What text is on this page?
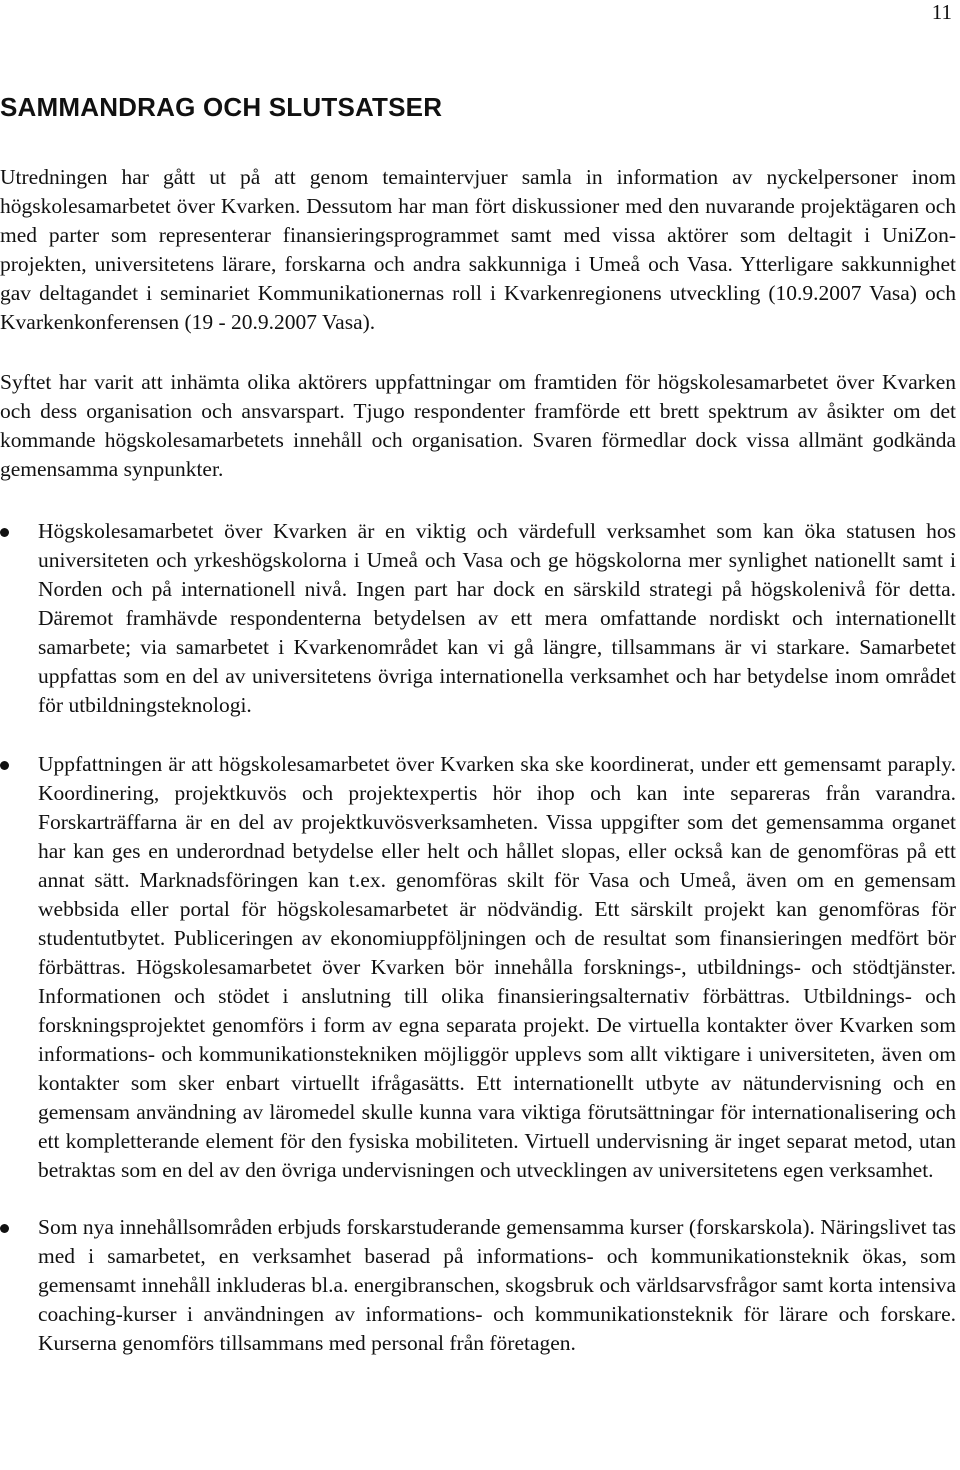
11
SAMMANDRAG OCH SLUTSATSER

Utredningen har gått ut på att genom temaintervjuer samla in information av nyckelpersoner inom högskolesamarbetet över Kvarken. Dessutom har man fört diskussioner med den nuvarande projektägaren och med parter som representerar finansieringsprogrammet samt med vissa aktörer som deltagit i UniZon-projekten, universitetens lärare, forskarna och andra sakkunniga i Umeå och Vasa. Ytterligare sakkunnighet gav deltagandet i seminariet Kommunikationernas roll i Kvarkenregionens utveckling (10.9.2007 Vasa) och Kvarkenkonferensen (19 - 20.9.2007 Vasa).

Syftet har varit att inhämta olika aktörers uppfattningar om framtiden för högskolesamarbetet över Kvarken och dess organisation och ansvarspart. Tjugo respondenter framförde ett brett spektrum av åsikter om det kommande högskolesamarbetets innehåll och organisation. Svaren förmedlar dock vissa allmänt godkända gemensamma synpunkter.

Högskolesamarbetet över Kvarken är en viktig och värdefull verksamhet som kan öka statusen hos universiteten och yrkeshögskolorna i Umeå och Vasa och ge högskolorna mer synlighet nationellt samt i Norden och på internationell nivå. Ingen part har dock en särskild strategi på högskolenivå för detta. Däremot framhävde respondenterna betydelsen av ett mera omfattande nordiskt och internationellt samarbete; via samarbetet i Kvarkenområdet kan vi gå längre, tillsammans är vi starkare. Samarbetet uppfattas som en del av universitetens övriga internationella verksamhet och har betydelse inom området för utbildningsteknologi.

Uppfattningen är att högskolesamarbetet över Kvarken ska ske koordinerat, under ett gemensamt paraply. Koordinering, projektkuvös och projektexpertis hör ihop och kan inte separeras från varandra. Forskarträffarna är en del av projektkuvösverksamheten. Vissa uppgifter som det gemensamma organet har kan ges en underordnad betydelse eller helt och hållet slopas, eller också kan de genomföras på ett annat sätt. Marknadsföringen kan t.ex. genomföras skilt för Vasa och Umeå, även om en gemensam webbsida eller portal för högskolesamarbetet är nödvändig. Ett särskilt projekt kan genomföras för studentutbytet. Publiceringen av ekonomiuppföljningen och de resultat som finansieringen medfört bör förbättras. Högskolesamarbetet över Kvarken bör innehålla forsknings-, utbildnings- och stödtjänster. Informationen och stödet i anslutning till olika finansieringsalternativ förbättras. Utbildnings- och forskningsprojektet genomförs i form av egna separata projekt. De virtuella kontakter över Kvarken som informations- och kommunikationstekniken möjliggör upplevs som allt viktigare i universiteten, även om kontakter som sker enbart virtuellt ifrågasätts. Ett internationellt utbyte av nätundervisning och en gemensam användning av läromedel skulle kunna vara viktiga förutsättningar för internationalisering och ett kompletterande element för den fysiska mobiliteten. Virtuell undervisning är inget separat metod, utan betraktas som en del av den övriga undervisningen och utvecklingen av universitetens egen verksamhet.

Som nya innehållsområden erbjuds forskarstuderande gemensamma kurser (forskarskola). Näringslivet tas med i samarbetet, en verksamhet baserad på informations- och kommunikationsteknik ökas, som gemensamt innehåll inkluderas bl.a. energibranschen, skogsbruk och världsarvsfrågor samt korta intensiva coaching-kurser i användningen av informations- och kommunikationsteknik för lärare och forskare. Kurserna genomförs tillsammans med personal från företagen.
